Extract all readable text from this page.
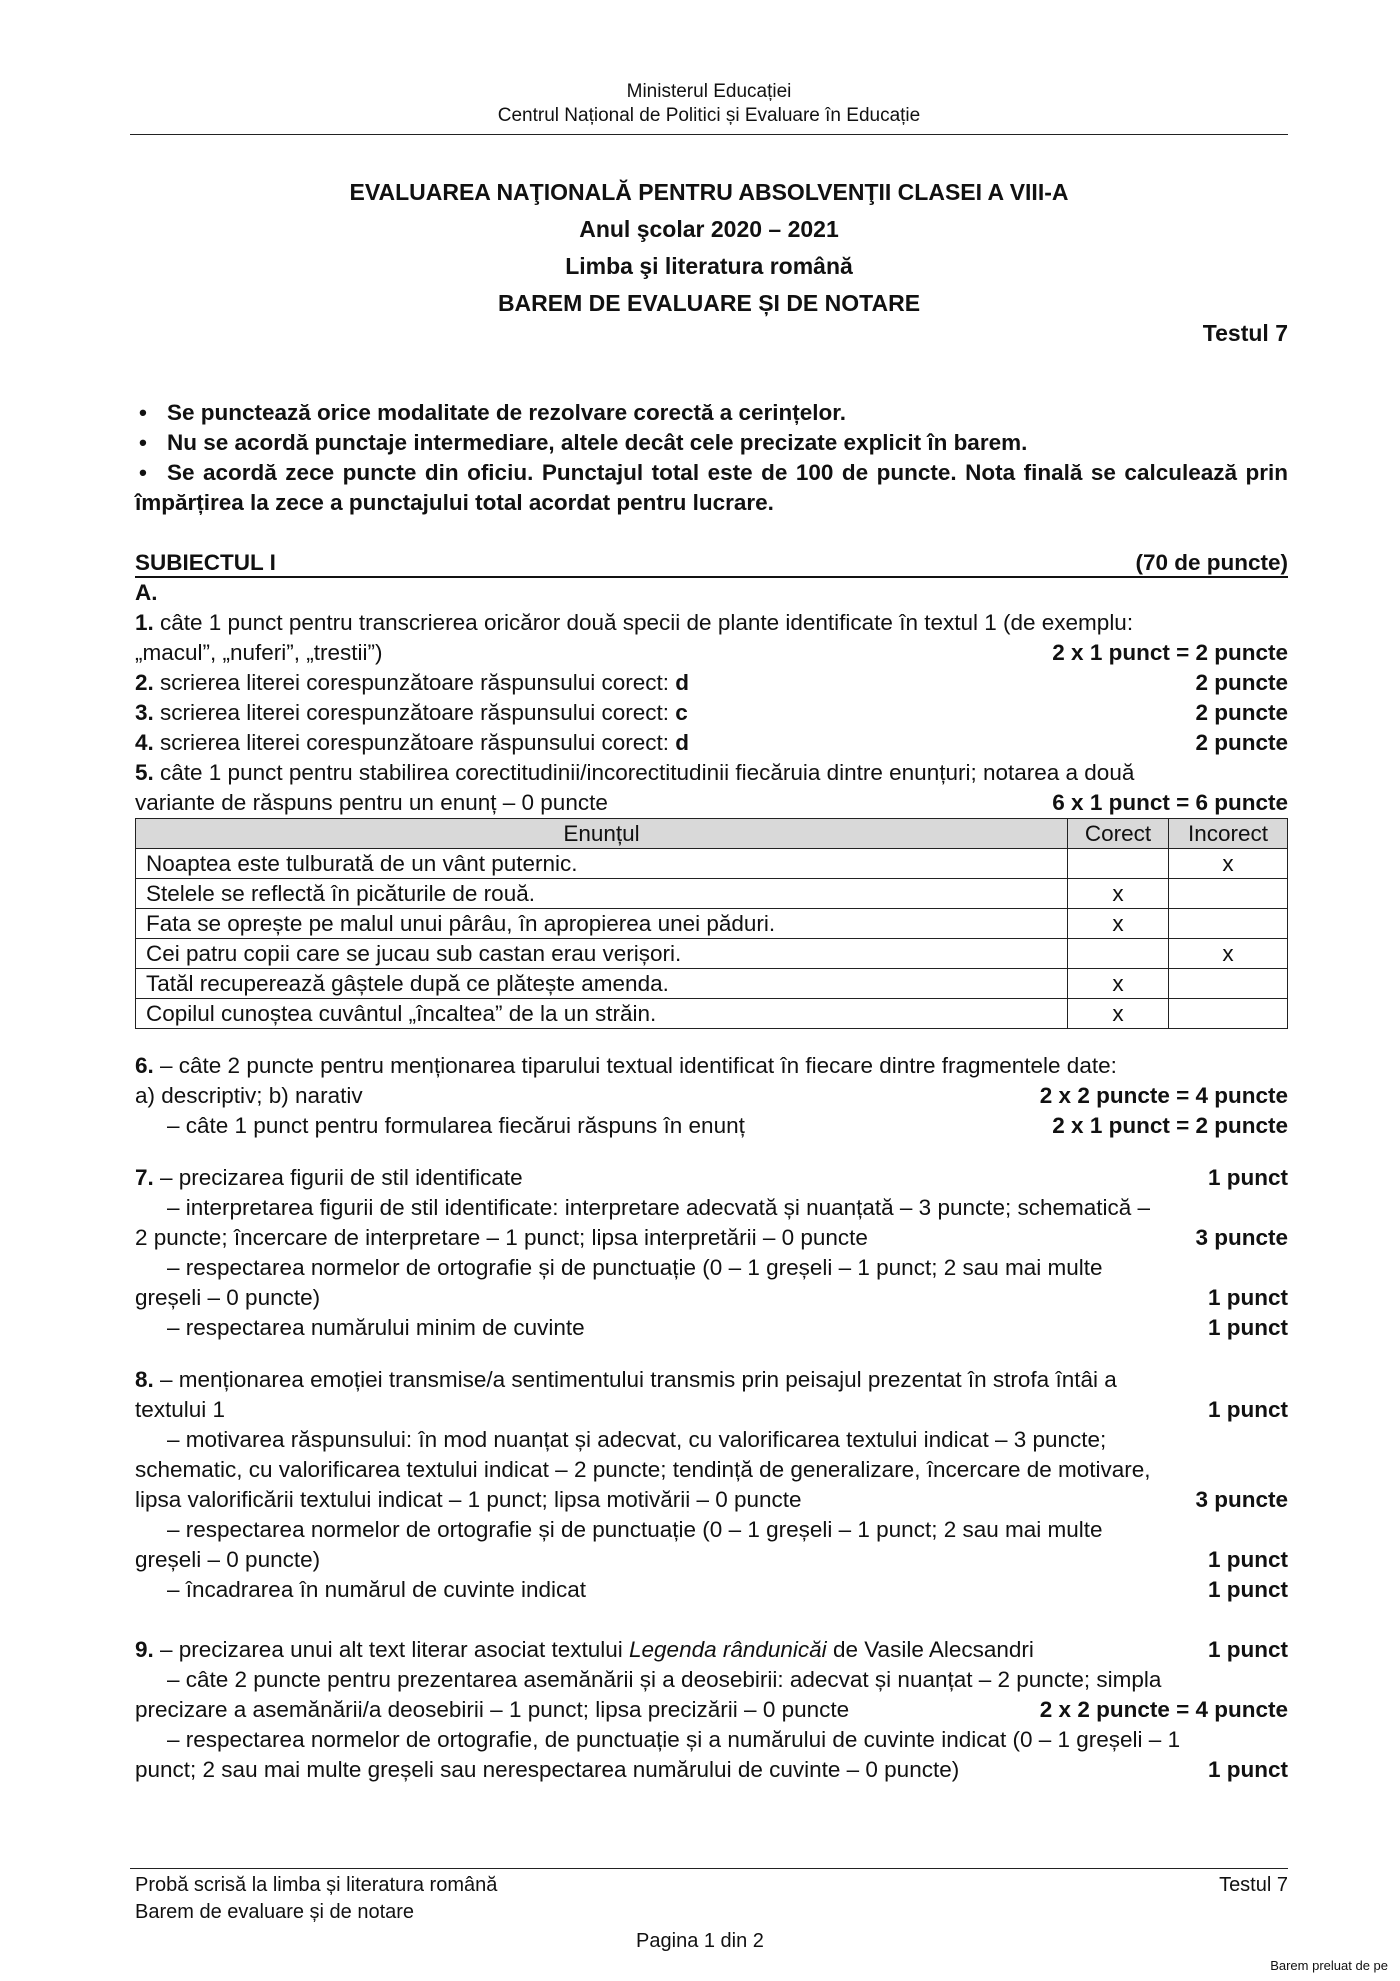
Ministerul Educației
Centrul Național de Politici și Evaluare în Educație
EVALUAREA NAŢIONALĂ PENTRU ABSOLVENŢII CLASEI A VIII-A
Anul şcolar 2020 – 2021
Limba şi literatura română
BAREM DE EVALUARE ȘI DE NOTARE
Testul 7
• Se punctează orice modalitate de rezolvare corectă a cerințelor.
• Nu se acordă punctaje intermediare, altele decât cele precizate explicit în barem.
• Se acordă zece puncte din oficiu. Punctajul total este de 100 de puncte. Nota finală se calculează prin împărțirea la zece a punctajului total acordat pentru lucrare.
SUBIECTUL I	(70 de puncte)
A.
1. câte 1 punct pentru transcrierea oricăror două specii de plante identificate în textul 1 (de exemplu:
„macul”, „nuferi”, „trestii”)	2 x 1 punct = 2 puncte
2. scrierea literei corespunzătoare răspunsului corect: d	2 puncte
3. scrierea literei corespunzătoare răspunsului corect: c	2 puncte
4. scrierea literei corespunzătoare răspunsului corect: d	2 puncte
5. câte 1 punct pentru stabilirea corectitudinii/incorectitudinii fiecăruia dintre enunțuri; notarea a două
variante de răspuns pentru un enunț – 0 puncte	6 x 1 punct = 6 puncte
Enunțul	Corect	Incorect
Noaptea este tulburată de un vânt puternic.		x
Stelele se reflectă în picăturile de rouă.	x	
Fata se oprește pe malul unui pârâu, în apropierea unei păduri.	x	
Cei patru copii care se jucau sub castan erau verișori.		x
Tatăl recuperează gâștele după ce plătește amenda.	x	
Copilul cunoștea cuvântul „încaltea” de la un străin.	x	
6. – câte 2 puncte pentru menționarea tiparului textual identificat în fiecare dintre fragmentele date:
a) descriptiv; b) narativ	2 x 2 puncte = 4 puncte
– câte 1 punct pentru formularea fiecărui răspuns în enunț	2 x 1 punct = 2 puncte
7. – precizarea figurii de stil identificate	1 punct
– interpretarea figurii de stil identificate: interpretare adecvată și nuanțată – 3 puncte; schematică –
2 puncte; încercare de interpretare – 1 punct; lipsa interpretării – 0 puncte	3 puncte
– respectarea normelor de ortografie și de punctuație (0 – 1 greșeli – 1 punct; 2 sau mai multe
greșeli – 0 puncte)	1 punct
– respectarea numărului minim de cuvinte	1 punct
8. – menționarea emoției transmise/a sentimentului transmis prin peisajul prezentat în strofa întâi a
textului 1	1 punct
– motivarea răspunsului: în mod nuanțat și adecvat, cu valorificarea textului indicat – 3 puncte;
schematic, cu valorificarea textului indicat – 2 puncte; tendință de generalizare, încercare de motivare,
lipsa valorificării textului indicat – 1 punct; lipsa motivării – 0 puncte	3 puncte
– respectarea normelor de ortografie și de punctuație (0 – 1 greșeli – 1 punct; 2 sau mai multe
greșeli – 0 puncte)	1 punct
– încadrarea în numărul de cuvinte indicat	1 punct
9. – precizarea unui alt text literar asociat textului Legenda rândunicăi de Vasile Alecsandri	1 punct
– câte 2 puncte pentru prezentarea asemănării și a deosebirii: adecvat și nuanțat – 2 puncte; simpla
precizare a asemănării/a deosebirii – 1 punct; lipsa precizării – 0 puncte	2 x 2 puncte = 4 puncte
– respectarea normelor de ortografie, de punctuație și a numărului de cuvinte indicat (0 – 1 greșeli – 1
punct; 2 sau mai multe greșeli sau nerespectarea numărului de cuvinte – 0 puncte)	1 punct
Probă scrisă la limba și literatura română	Testul 7
Barem de evaluare și de notare
Pagina 1 din 2
Barem preluat de pe
